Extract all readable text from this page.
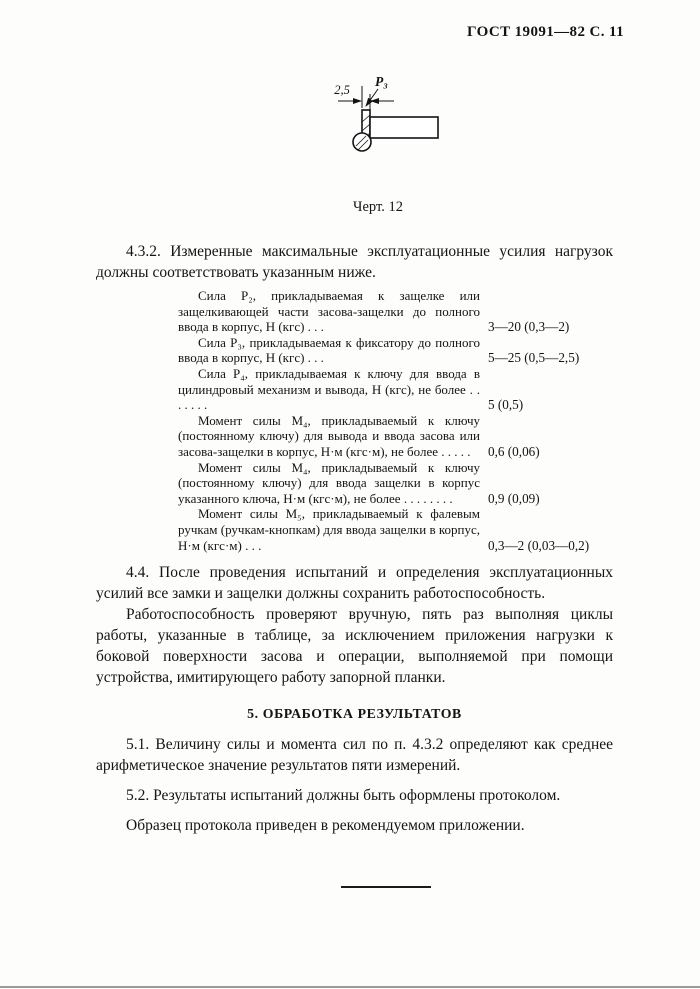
ГОСТ 19091—82 С. 11
2,5
Р₃
Черт. 12

4.3.2. Измеренные максимальные эксплуатационные усилия нагрузок должны соответствовать указанным ниже.

Сила Р₂, прикладываемая к защелке или защелкивающей части засова-защелки до полного ввода в корпус, Н (кгс) . . .	3—20 (0,3—2)
Сила Р₃, прикладываемая к фиксатору до полного ввода в корпус, Н (кгс) . . .	5—25 (0,5—2,5)
Сила Р₄, прикладываемая к ключу для ввода в цилиндровый механизм и вывода, Н (кгс), не более . . . . . . .	5 (0,5)
Момент силы М₄, прикладываемый к ключу (постоянному ключу) для вывода и ввода засова или засова-защелки в корпус, Н·м (кгс·м), не более . . . . .	0,6 (0,06)
Момент силы М₄, прикладываемый к ключу (постоянному ключу) для ввода защелки в корпус указанного ключа, Н·м (кгс·м), не более . . . . . . . .	0,9 (0,09)
Момент силы М₅, прикладываемый к фалевым ручкам (ручкам-кнопкам) для ввода защелки в корпус, Н·м (кгс·м) . . .	0,3—2 (0,03—0,2)

4.4. После проведения испытаний и определения эксплуатационных усилий все замки и защелки должны сохранить работоспособность.

Работоспособность проверяют вручную, пять раз выполняя циклы работы, указанные в таблице, за исключением приложения нагрузки к боковой поверхности засова и операции, выполняемой при помощи устройства, имитирующего работу запорной планки.

5. ОБРАБОТКА РЕЗУЛЬТАТОВ

5.1. Величину силы и момента сил по п. 4.3.2 определяют как среднее арифметическое значение результатов пяти измерений.

5.2. Результаты испытаний должны быть оформлены протоколом.

Образец протокола приведен в рекомендуемом приложении.
